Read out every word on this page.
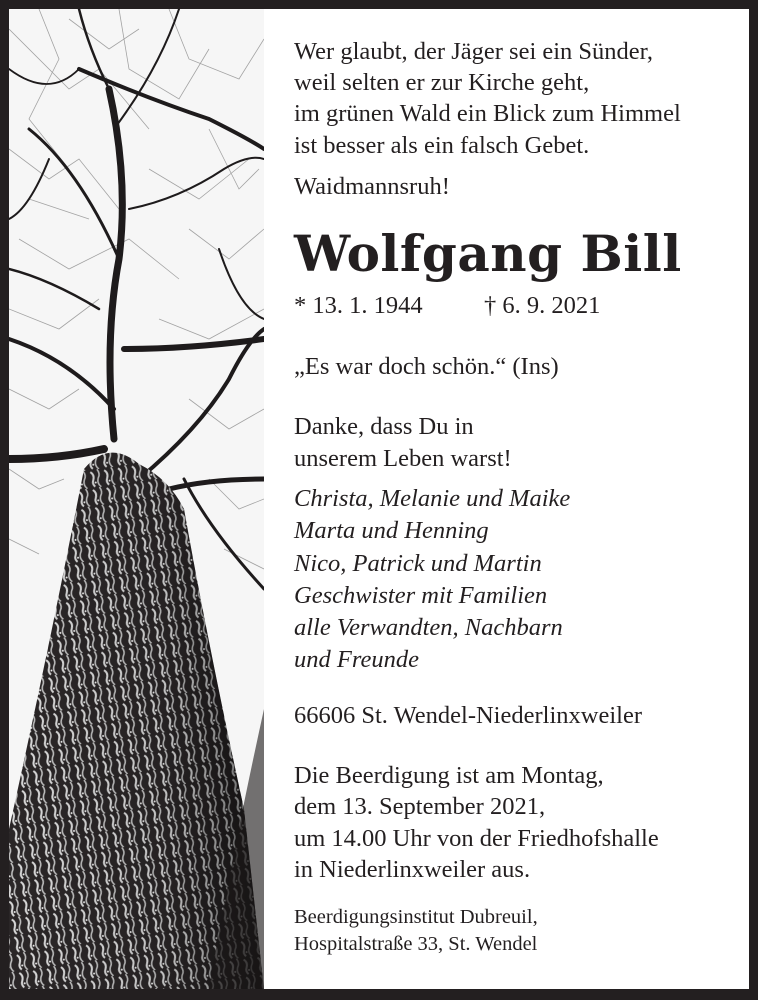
Wer glaubt, der Jäger sei ein Sünder,
weil selten er zur Kirche geht,
im grünen Wald ein Blick zum Himmel
ist besser als ein falsch Gebet.
Waidmannsruh!
Wolfgang Bill
* 13. 1. 1944	† 6. 9. 2021
„Es war doch schön.“ (Ins)
Danke, dass Du in
unserem Leben warst!
Christa, Melanie und Maike
Marta und Henning
Nico, Patrick und Martin
Geschwister mit Familien
alle Verwandten, Nachbarn
und Freunde
66606 St. Wendel-Niederlinxweiler
Die Beerdigung ist am Montag,
dem 13. September 2021,
um 14.00 Uhr von der Friedhofshalle
in Niederlinxweiler aus.
Beerdigungsinstitut Dubreuil,
Hospitalstraße 33, St. Wendel
